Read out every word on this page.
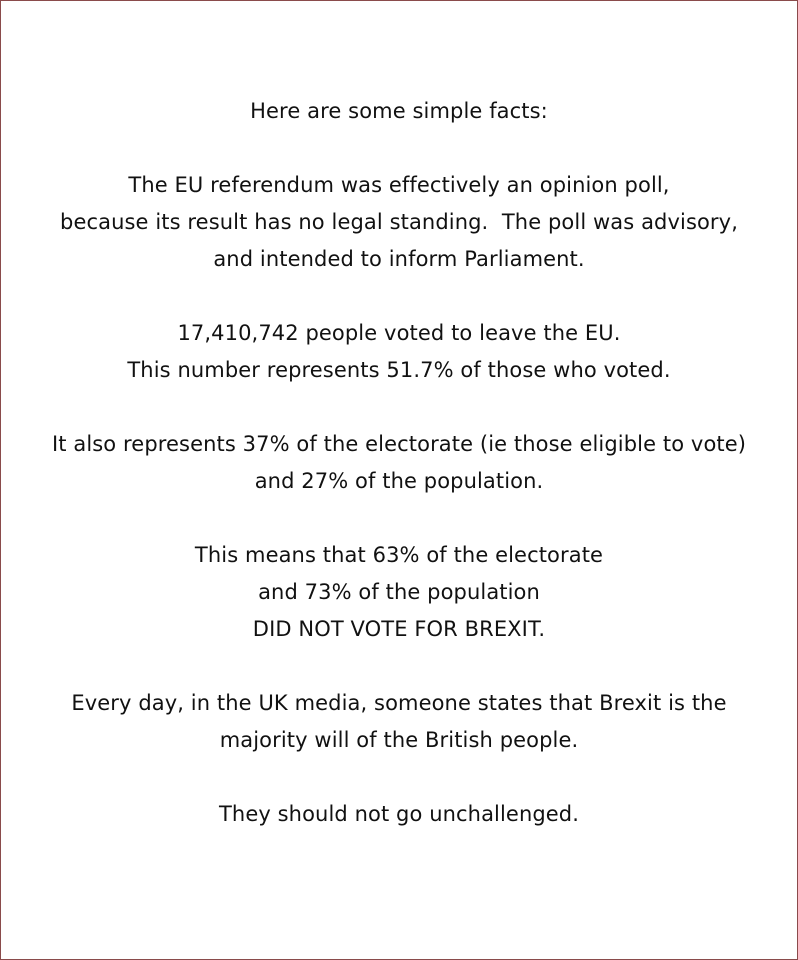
Here are some simple facts:

The EU referendum was effectively an opinion poll,
because its result has no legal standing.  The poll was advisory,
and intended to inform Parliament.

17,410,742 people voted to leave the EU.
This number represents 51.7% of those who voted.

It also represents 37% of the electorate (ie those eligible to vote)
and 27% of the population.

This means that 63% of the electorate
and 73% of the population
DID NOT VOTE FOR BREXIT.

Every day, in the UK media, someone states that Brexit is the
majority will of the British people.

They should not go unchallenged.
